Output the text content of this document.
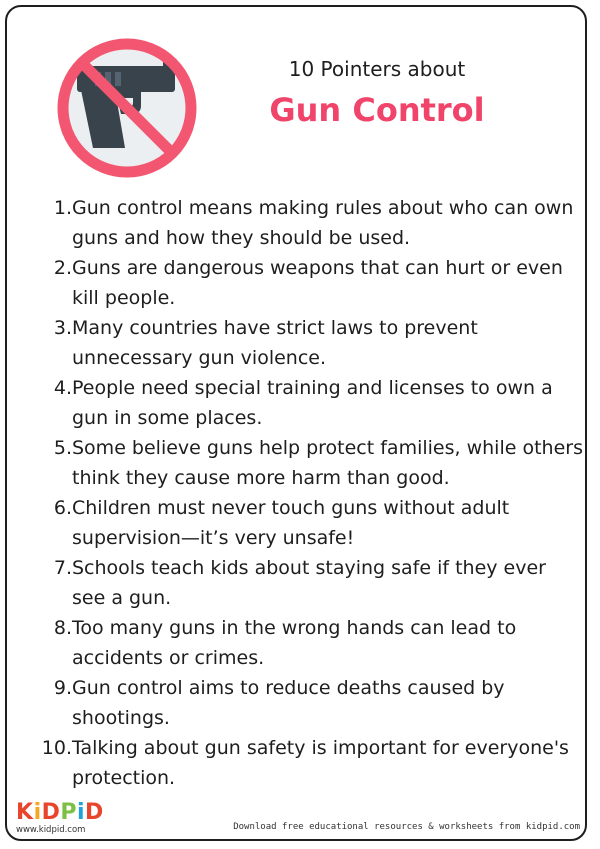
10 Pointers about
Gun Control
1. Gun control means making rules about who can own guns and how they should be used.
2. Guns are dangerous weapons that can hurt or even kill people.
3. Many countries have strict laws to prevent unnecessary gun violence.
4. People need special training and licenses to own a gun in some places.
5. Some believe guns help protect families, while others think they cause more harm than good.
6. Children must never touch guns without adult supervision—it’s very unsafe!
7. Schools teach kids about staying safe if they ever see a gun.
8. Too many guns in the wrong hands can lead to accidents or crimes.
9. Gun control aims to reduce deaths caused by shootings.
10. Talking about gun safety is important for everyone's protection.
KiDPiD
www.kidpid.com	Download free educational resources & worksheets from kidpid.com
